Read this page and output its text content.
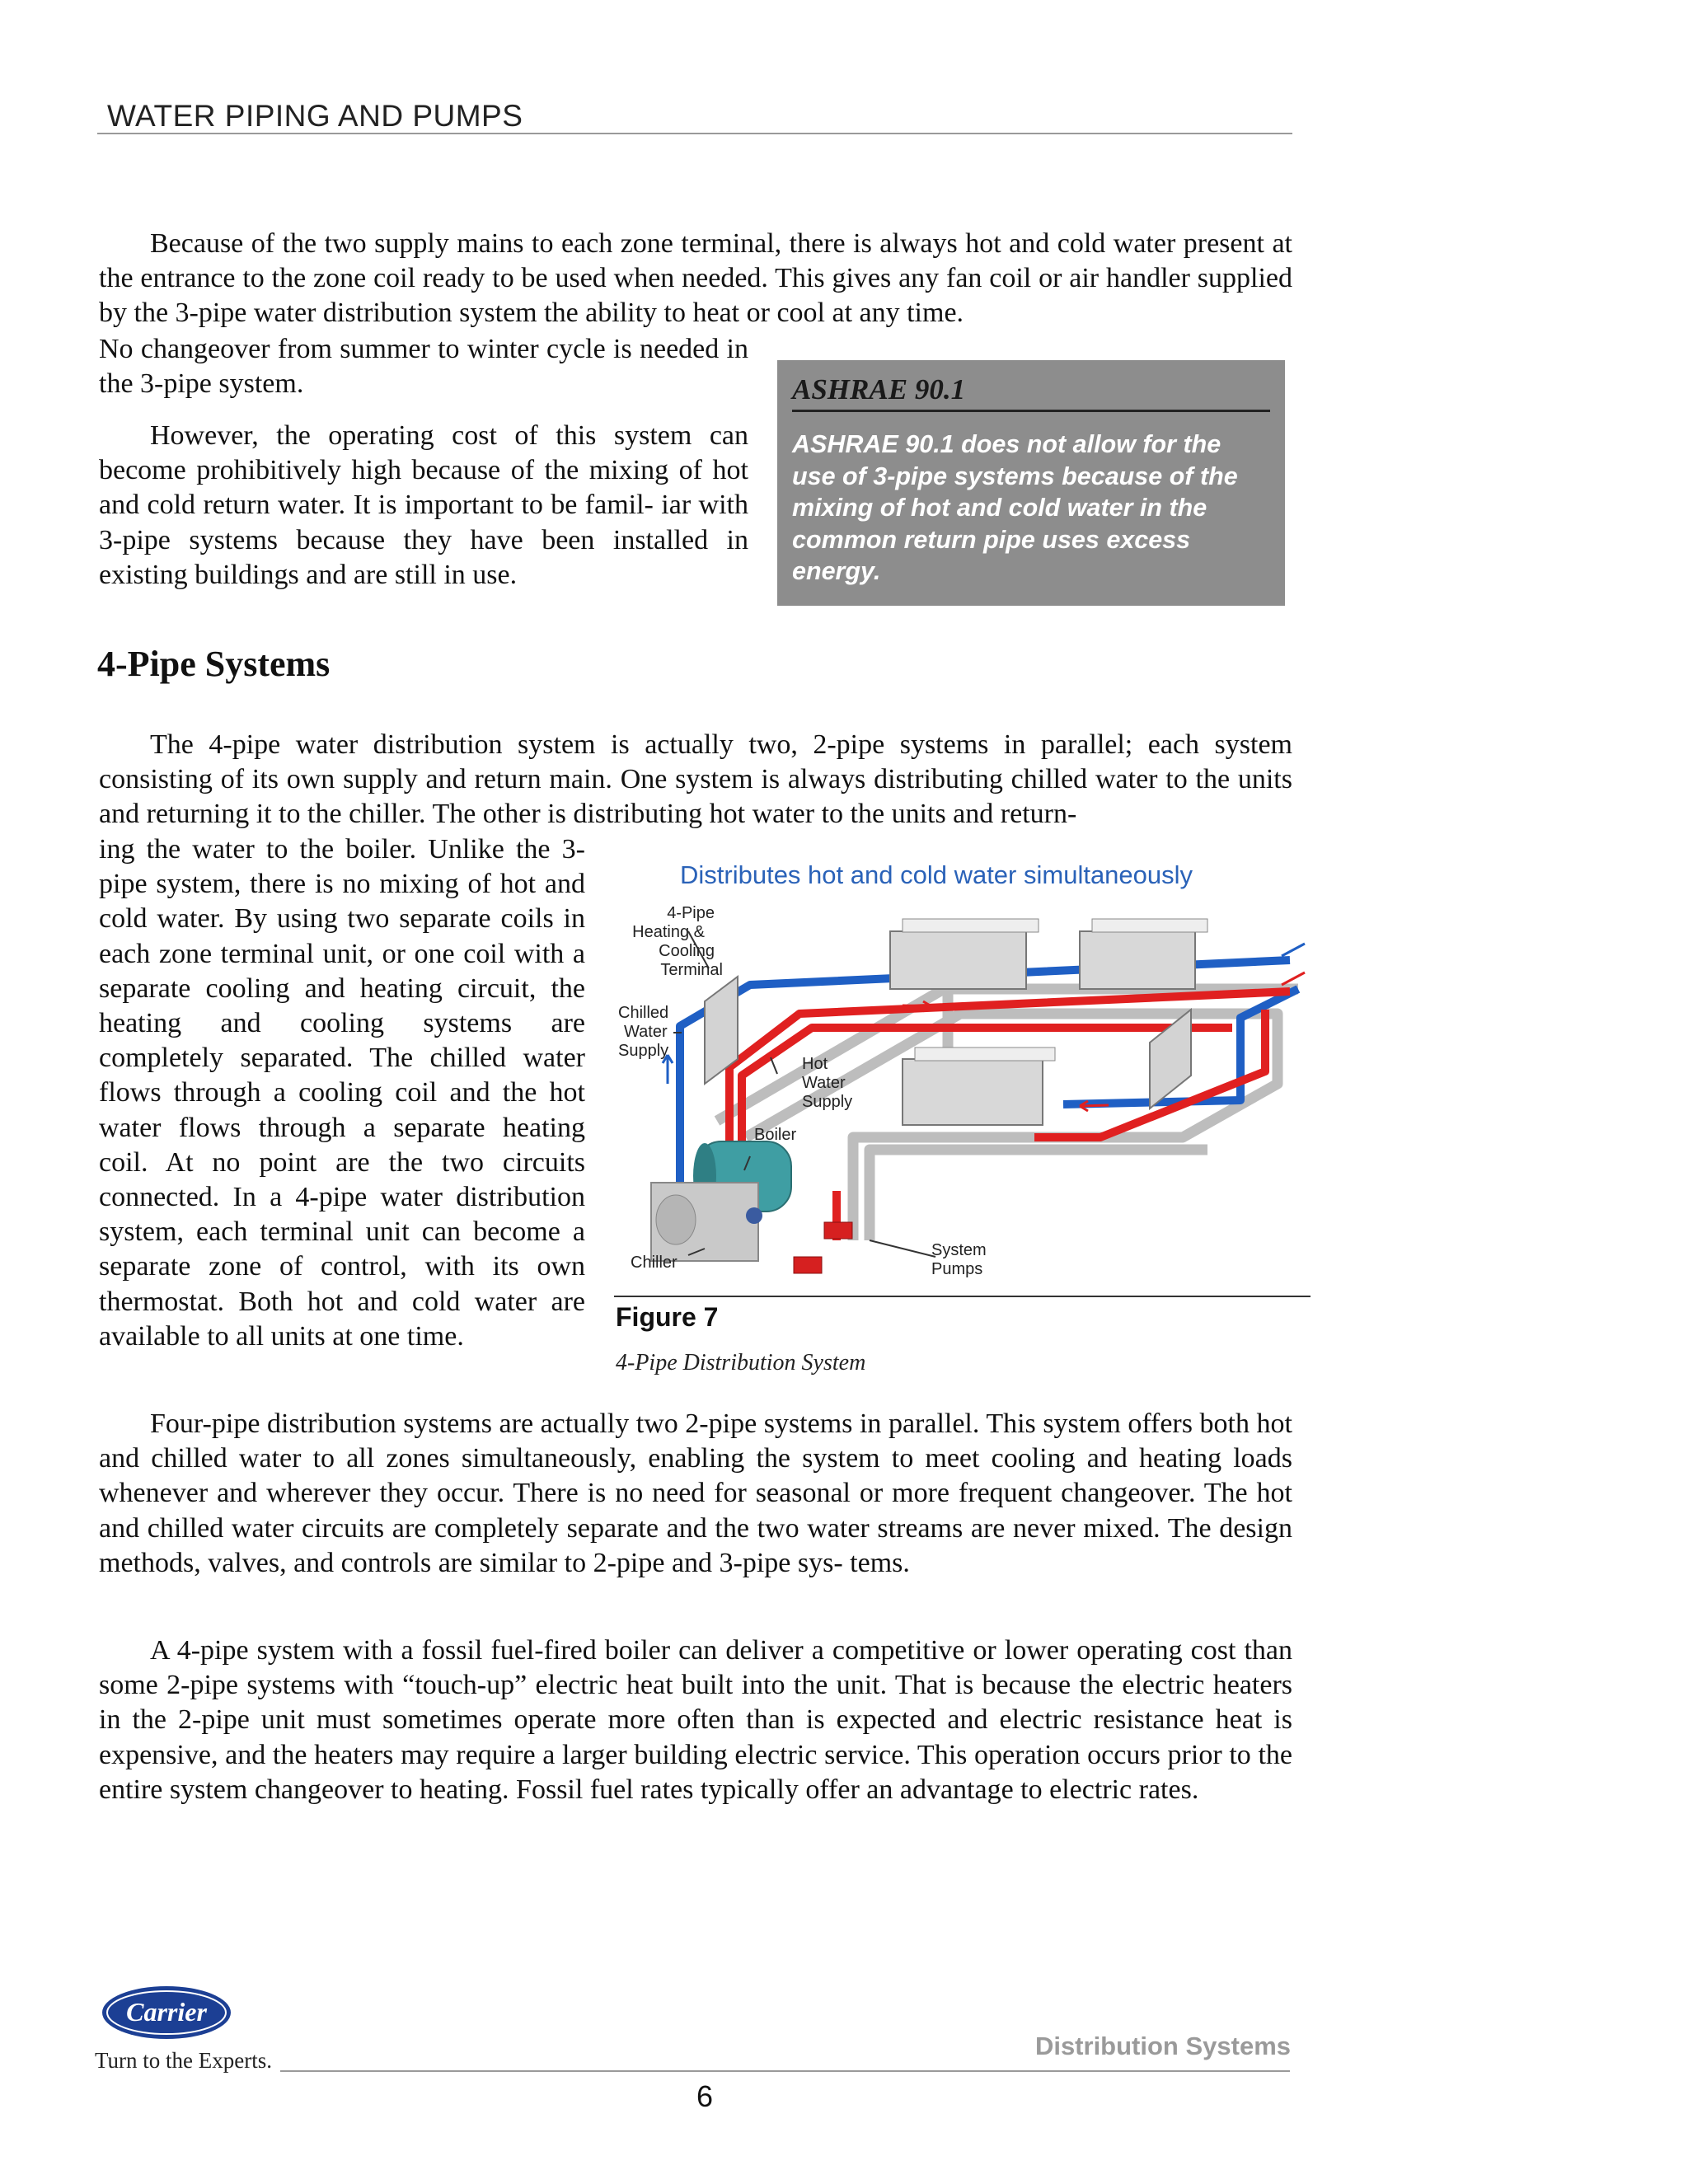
WATER PIPING AND PUMPS

Because of the two supply mains to each zone terminal, there is always hot and cold water present at the entrance to the zone coil ready to be used when needed. This gives any fan coil or air handler supplied by the 3-pipe water distribution system the ability to heat or cool at any time.

No changeover from summer to winter cycle is needed in the 3-pipe system.

However, the operating cost of this system can become prohibitively high because of the mixing of hot and cold return water. It is important to be famil- iar with 3-pipe systems because they have been installed in existing buildings and are still in use.

ASHRAE 90.1
ASHRAE 90.1 does not allow for the use of 3-pipe systems because of the mixing of hot and cold water in the common return pipe uses excess energy.
4-Pipe Systems

The 4-pipe water distribution system is actually two, 2-pipe systems in parallel; each system consisting of its own supply and return main. One system is always distributing chilled water to the units and returning it to the chiller. The other is distributing hot water to the units and return-

ing the water to the boiler. Unlike the 3-pipe system, there is no mixing of hot and cold water. By using two separate coils in each zone terminal unit, or one coil with a separate cooling and heating circuit, the heating and cooling systems are completely separated. The chilled water flows through a cooling coil and the hot water flows through a separate heating coil. At no point are the two circuits connected. In a 4-pipe water distribution system, each terminal unit can become a separate zone of control, with its own thermostat. Both hot and cold water are available to all units at one time.

Distributes hot and cold water simultaneously
4-Pipe
Heating &
Cooling
Terminal
Chilled
Water
Supply
Hot
Water
Supply
Boiler
Chiller
System
Pumps
Figure 7
4-Pipe Distribution System

Four-pipe distribution systems are actually two 2-pipe systems in parallel. This system offers both hot and chilled water to all zones simultaneously, enabling the system to meet cooling and heating loads whenever and wherever they occur. There is no need for seasonal or more frequent changeover. The hot and chilled water circuits are completely separate and the two water streams are never mixed. The design methods, valves, and controls are similar to 2-pipe and 3-pipe sys- tems.

A 4-pipe system with a fossil fuel-fired boiler can deliver a competitive or lower operating cost than some 2-pipe systems with “touch-up” electric heat built into the unit. That is because the electric heaters in the 2-pipe unit must sometimes operate more often than is expected and electric resistance heat is expensive, and the heaters may require a larger building electric service. This operation occurs prior to the entire system changeover to heating. Fossil fuel rates typically offer an advantage to electric rates.

Carrier
Turn to the Experts.	Distribution Systems
6
